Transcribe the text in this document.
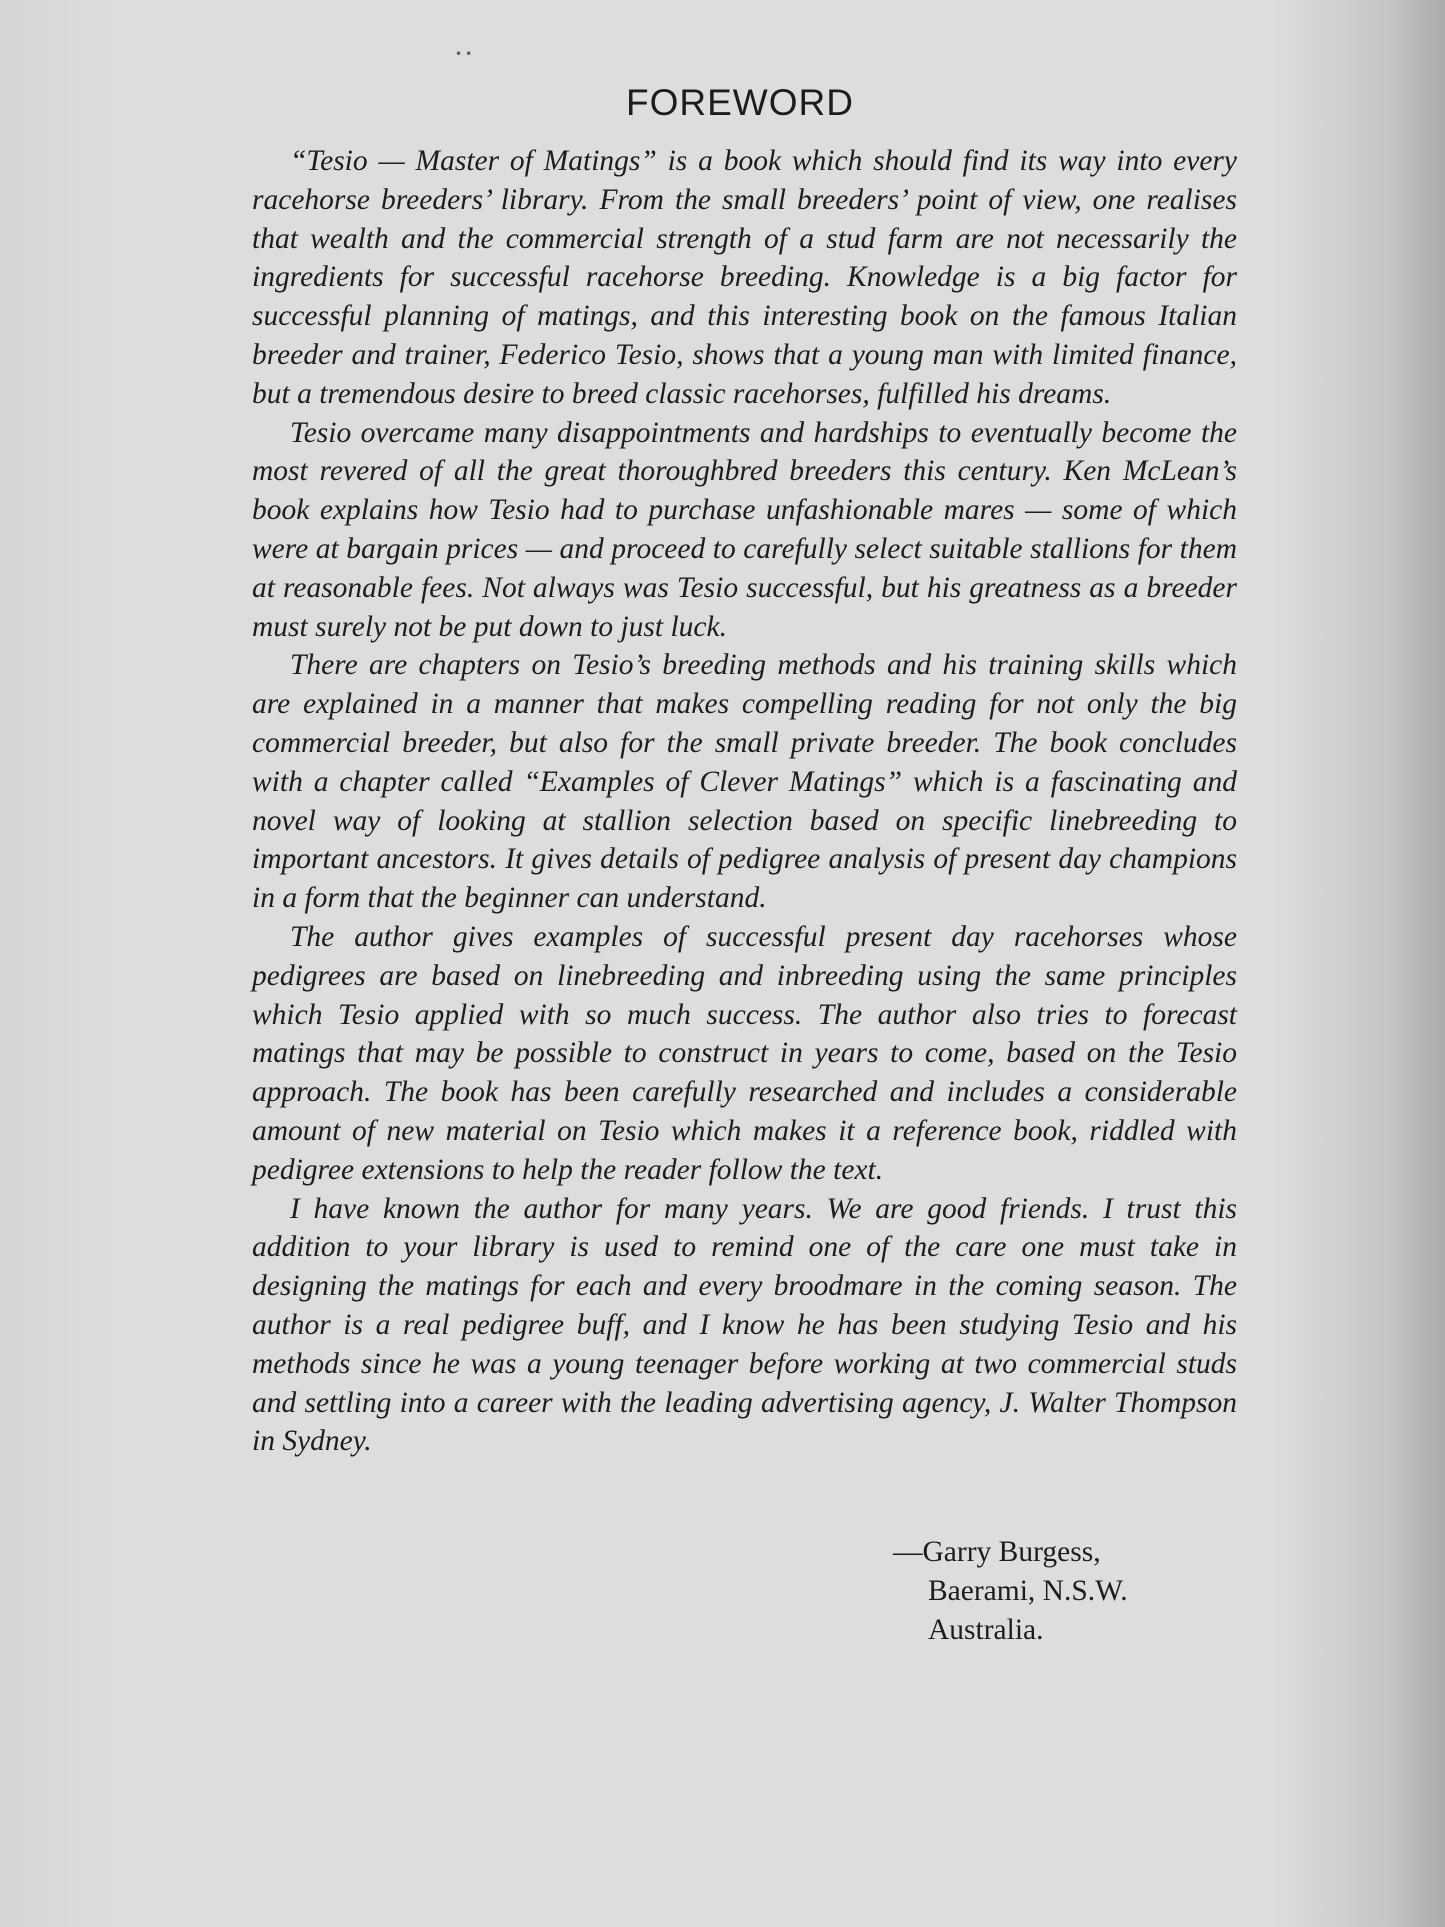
••
FOREWORD

“Tesio — Master of Matings” is a book which should find its way into every racehorse breeders’ library. From the small breeders’ point of view, one realises that wealth and the commercial strength of a stud farm are not necessarily the ingredients for successful racehorse breeding. Knowledge is a big factor for successful planning of matings, and this interesting book on the famous Italian breeder and trainer, Federico Tesio, shows that a young man with limited finance, but a tremendous desire to breed classic racehorses, fulfilled his dreams.

Tesio overcame many disappointments and hardships to eventually become the most revered of all the great thoroughbred breeders this century. Ken McLean’s book explains how Tesio had to purchase unfashionable mares — some of which were at bargain prices — and proceed to carefully select suitable stallions for them at reasonable fees. Not always was Tesio successful, but his greatness as a breeder must surely not be put down to just luck.

There are chapters on Tesio’s breeding methods and his training skills which are explained in a manner that makes compelling reading for not only the big commercial breeder, but also for the small private breeder. The book concludes with a chapter called “Examples of Clever Matings” which is a fascinating and novel way of looking at stallion selection based on specific linebreeding to important ancestors. It gives details of pedigree analysis of present day champions in a form that the beginner can understand.

The author gives examples of successful present day racehorses whose pedigrees are based on linebreeding and inbreeding using the same principles which Tesio applied with so much success. The author also tries to forecast matings that may be possible to construct in years to come, based on the Tesio approach. The book has been carefully researched and includes a considerable amount of new material on Tesio which makes it a reference book, riddled with pedigree extensions to help the reader follow the text.

I have known the author for many years. We are good friends. I trust this addition to your library is used to remind one of the care one must take in designing the matings for each and every broodmare in the coming season. The author is a real pedigree buff, and I know he has been studying Tesio and his methods since he was a young teenager before working at two commercial studs and settling into a career with the leading advertising agency, J. Walter Thompson in Sydney.

—Garry Burgess,
Baerami, N.S.W.
Australia.
